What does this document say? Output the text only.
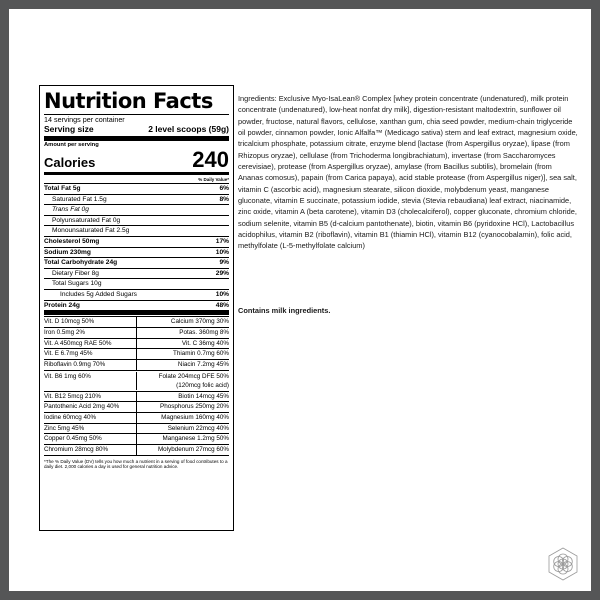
Nutrition Facts
14 servings per container
Serving size	2 level scoops (59g)
Amount per serving
Calories	240
% Daily Value*
Total Fat 5g	6%
Saturated Fat 1.5g	8%
Trans Fat 0g
Polyunsaturated Fat 0g
Monounsaturated Fat 2.5g
Cholesterol 50mg	17%
Sodium 230mg	10%
Total Carbohydrate 24g	9%
Dietary Fiber 8g	29%
Total Sugars 10g
Includes 5g Added Sugars	10%
Protein 24g	48%
Vit. D 10mcg 50%	Calcium 370mg 30%
Iron 0.5mg 2%	Potas. 360mg 8%
Vit. A 450mcg RAE 50%	Vit. C 36mg 40%
Vit. E 6.7mg 45%	Thiamin 0.7mg 60%
Riboflavin 0.9mg 70%	Niacin 7.2mg 45%
Vit. B6 1mg 60%	Folate 204mcg DFE 50%
(120mcg folic acid)
Vit. B12 5mcg 210%	Biotin 14mcg 45%
Pantothenic Acid 2mg 40%	Phosphorus 250mg 20%
Iodine 60mcg 40%	Magnesium 160mg 40%
Zinc 5mg 45%	Selenium 22mcg 40%
Copper 0.45mg 50%	Manganese 1.2mg 50%
Chromium 28mcg 80%	Molybdenum 27mcg 60%
*The % Daily Value (DV) tells you how much a nutrient in a serving of food contributes to a daily diet. 2,000 calories a day is used for general nutrition advice.
Ingredients: Exclusive Myo-IsaLean® Complex [whey protein concentrate (undenatured), milk protein concentrate (undenatured), low-heat nonfat dry milk], digestion-resistant maltodextrin, sunflower oil powder, fructose, natural flavors, cellulose, xanthan gum, chia seed powder, medium-chain triglyceride oil powder, cinnamon powder, Ionic Alfalfa™ (Medicago sativa) stem and leaf extract, magnesium oxide, tricalcium phosphate, potassium citrate, enzyme blend [lactase (from Aspergillus oryzae), lipase (from Rhizopus oryzae), cellulase (from Trichoderma longibrachiatum), invertase (from Saccharomyces cerevisiae), protease (from Aspergillus oryzae), amylase (from Bacillus subtilis), bromelain (from Ananas comosus), papain (from Carica papaya), acid stable protease (from Aspergillus niger)], sea salt, vitamin C (ascorbic acid), magnesium stearate, silicon dioxide, molybdenum yeast, manganese gluconate, vitamin E succinate, potassium iodide, stevia (Stevia rebaudiana) leaf extract, niacinamide, zinc oxide, vitamin A (beta carotene), vitamin D3 (cholecalciferol), copper gluconate, chromium chloride, sodium selenite, vitamin B5 (d-calcium pantothenate), biotin, vitamin B6 (pyridoxine HCl), Lactobacillus acidophilus, vitamin B2 (riboflavin), vitamin B1 (thiamin HCl), vitamin B12 (cyanocobalamin), folic acid, methylfolate (L-5-methylfolate calcium)
Contains milk ingredients.
